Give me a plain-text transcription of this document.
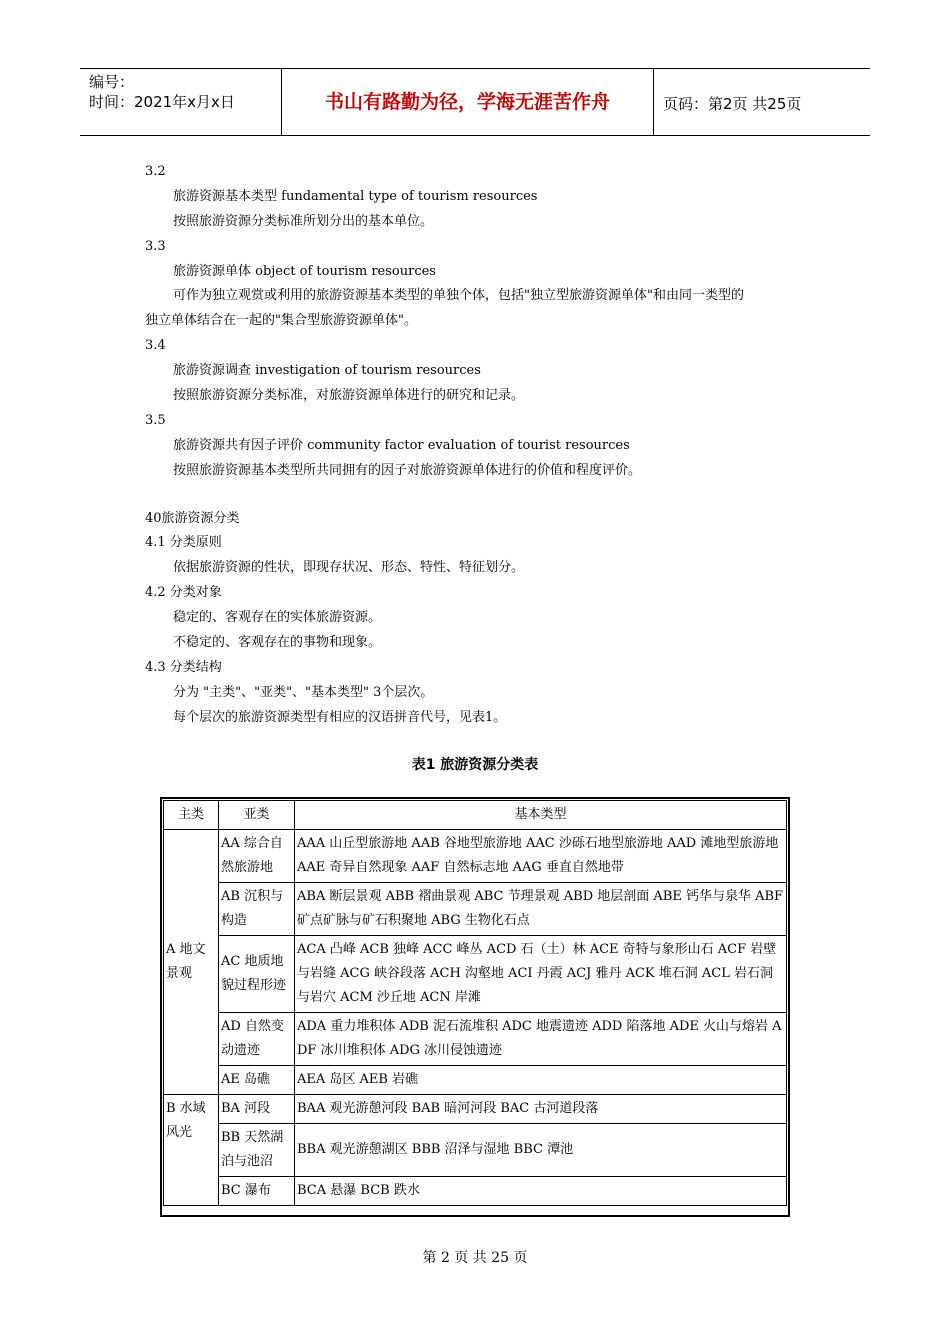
编号：
时间：2021年x月x日	书山有路勤为径，学海无涯苦作舟	页码：第2页 共25页
3.2
旅游资源基本类型 fundamental type of tourism resources
按照旅游资源分类标准所划分出的基本单位。
3.3
旅游资源单体 object of tourism resources
可作为独立观赏或利用的旅游资源基本类型的单独个体，包括"独立型旅游资源单体"和由同一类型的
独立单体结合在一起的"集合型旅游资源单体"。
3.4
旅游资源调查 investigation of tourism resources
按照旅游资源分类标准，对旅游资源单体进行的研究和记录。
3.5
旅游资源共有因子评价 community factor evaluation of tourist resources
按照旅游资源基本类型所共同拥有的因子对旅游资源单体进行的价值和程度评价。
40旅游资源分类
4.1 分类原则
依据旅游资源的性状，即现存状况、形态、特性、特征划分。
4.2 分类对象
稳定的、客观存在的实体旅游资源。
不稳定的、客观存在的事物和现象。
4.3 分类结构
分为 "主类"、"亚类"、"基本类型" 3个层次。
每个层次的旅游资源类型有相应的汉语拼音代号，见表1。
表1 旅游资源分类表
主类	亚类	基本类型
A 地文景观	AA 综合自然旅游地	AAA 山丘型旅游地 AAB 谷地型旅游地 AAC 沙砾石地型旅游地 AAD 滩地型旅游地 AAE 奇异自然现象 AAF 自然标志地 AAG 垂直自然地带
	AB 沉积与构造	ABA 断层景观 ABB 褶曲景观 ABC 节理景观 ABD 地层剖面 ABE 钙华与泉华 ABF 矿点矿脉与矿石积聚地 ABG 生物化石点
	AC 地质地貌过程形迹	ACA 凸峰 ACB 独峰 ACC 峰丛 ACD 石（土）林 ACE 奇特与象形山石 ACF 岩壁与岩缝 ACG 峡谷段落 ACH 沟壑地 ACI 丹霞 ACJ 雅丹 ACK 堆石洞 ACL 岩石洞与岩穴 ACM 沙丘地 ACN 岸滩
	AD 自然变动遗迹	ADA 重力堆积体 ADB 泥石流堆积 ADC 地震遗迹 ADD 陷落地 ADE 火山与熔岩 ADF 冰川堆积体 ADG 冰川侵蚀遗迹
	AE 岛礁	AEA 岛区 AEB 岩礁
B 水域风光	BA 河段	BAA 观光游憩河段 BAB 暗河河段 BAC 古河道段落
	BB 天然湖泊与池沼	BBA 观光游憩湖区 BBB 沼泽与湿地 BBC 潭池
	BC 瀑布	BCA 悬瀑 BCB 跌水
第 2 页 共 25 页
